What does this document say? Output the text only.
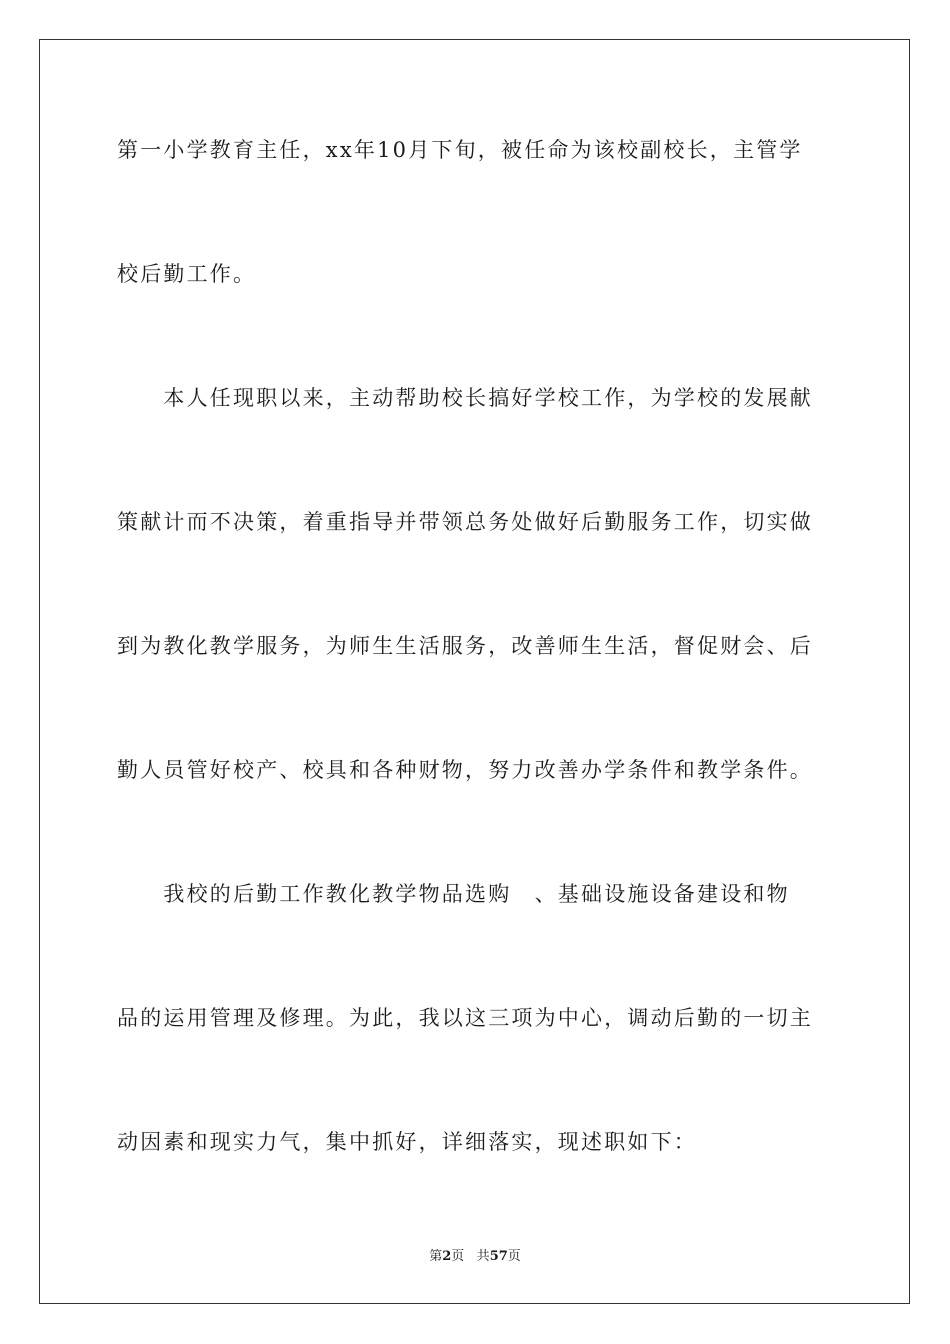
第一小学教育主任，xx年10月下旬，被任命为该校副校长，主管学
校后勤工作。
　　本人任现职以来，主动帮助校长搞好学校工作，为学校的发展献
策献计而不决策，着重指导并带领总务处做好后勤服务工作，切实做
到为教化教学服务，为师生生活服务，改善师生生活，督促财会、后
勤人员管好校产、校具和各种财物，努力改善办学条件和教学条件。
　　我校的后勤工作教化教学物品选购　、基础设施设备建设和物
品的运用管理及修理。为此，我以这三项为中心，调动后勤的一切主
动因素和现实力气，集中抓好，详细落实，现述职如下：
第2页 共57页
